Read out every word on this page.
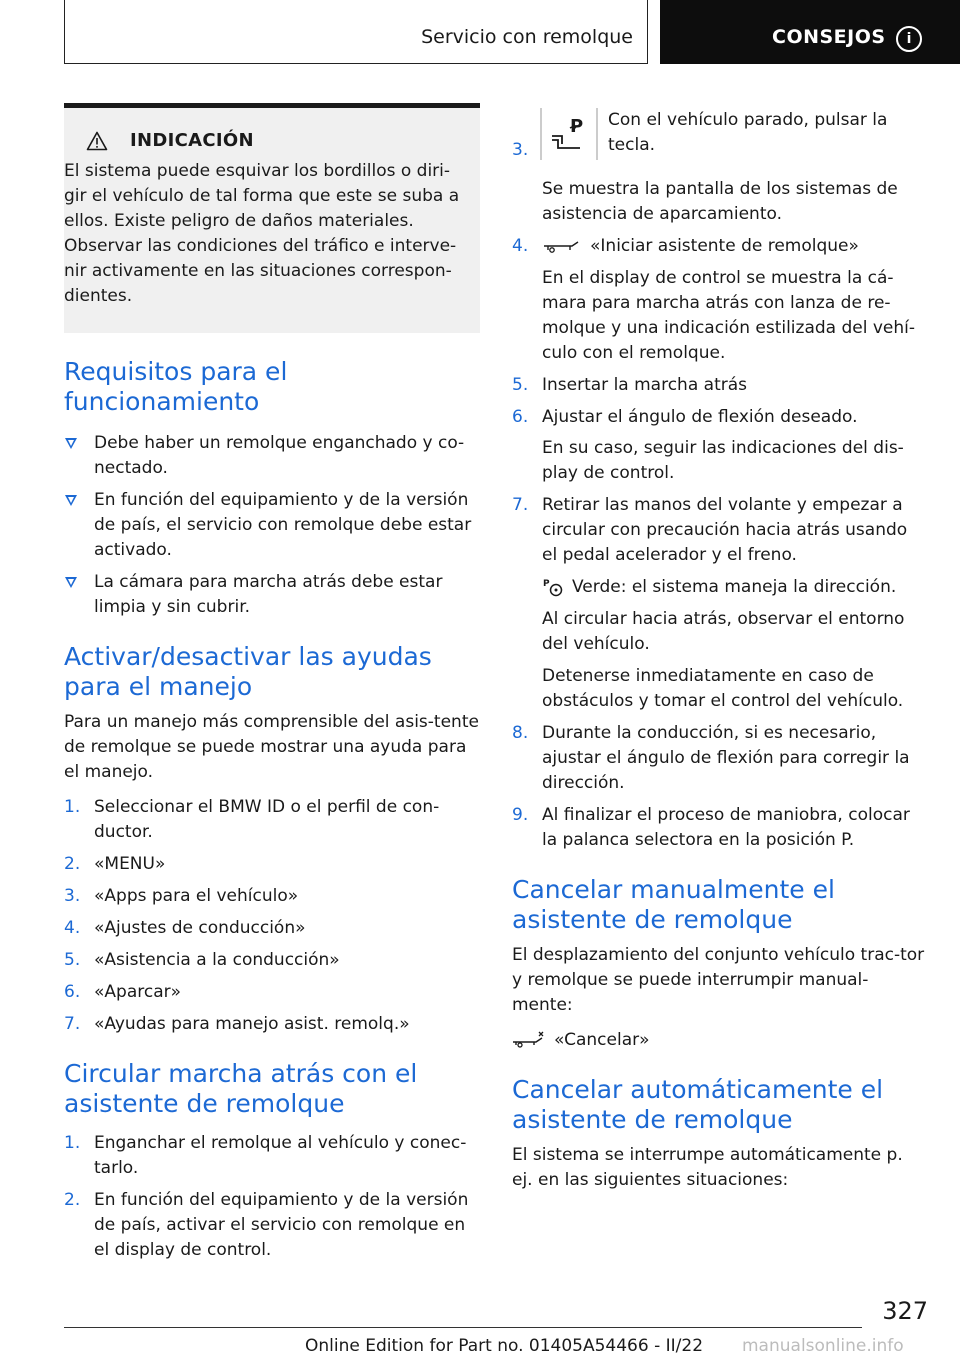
Servicio con remolque	CONSEJOS	i
INDICACIÓN

El sistema puede esquivar los bordillos o diri-gir el vehículo de tal forma que este se suba a ellos. Existe peligro de daños materiales. Observar las condiciones del tráfico e interve-nir activamente en las situaciones correspon-dientes.

Requisitos para el funcionamiento
Debe haber un remolque enganchado y co-nectado.
En función del equipamiento y de la versión de país, el servicio con remolque debe estar activado.
La cámara para marcha atrás debe estar limpia y sin cubrir.
Activar/desactivar las ayudas para el manejo

Para un manejo más comprensible del asis-tente de remolque se puede mostrar una ayuda para el manejo.

1. Seleccionar el BMW ID o el perfil de con-ductor.
2. «MENU»
3. «Apps para el vehículo»
4. «Ajustes de conducción»
5. «Asistencia a la conducción»
6. «Aparcar»
7. «Ayudas para manejo asist. remolq.»
Circular marcha atrás con el asistente de remolque
1. Enganchar el remolque al vehículo y conec-tarlo.
2. En función del equipamiento y de la versión de país, activar el servicio con remolque en el display de control.
3.
P Con el vehículo parado, pulsar la tecla.

Se muestra la pantalla de los sistemas de asistencia de aparcamiento.

4.	«Iniciar asistente de remolque»

En el display de control se muestra la cá-mara para marcha atrás con lanza de re-molque y una indicación estilizada del vehí-culo con el remolque.

5. Insertar la marcha atrás
6. Ajustar el ángulo de flexión deseado.

En su caso, seguir las indicaciones del dis-play de control.

7. Retirar las manos del volante y empezar a circular con precaución hacia atrás usando el pedal acelerador y el freno.

P Verde: el sistema maneja la dirección.

Al circular hacia atrás, observar el entorno del vehículo.

Detenerse inmediatamente en caso de obstáculos y tomar el control del vehículo.

8. Durante la conducción, si es necesario, ajustar el ángulo de flexión para corregir la dirección.
9. Al finalizar el proceso de maniobra, colocar la palanca selectora en la posición P.
Cancelar manualmente el asistente de remolque

El desplazamiento del conjunto vehículo trac-tor y remolque se puede interrumpir manual-mente:

«Cancelar»

Cancelar automáticamente el asistente de remolque

El sistema se interrumpe automáticamente p. ej. en las siguientes situaciones:

327
Online Edition for Part no. 01405A54466 - II/22 manualsonline.info
